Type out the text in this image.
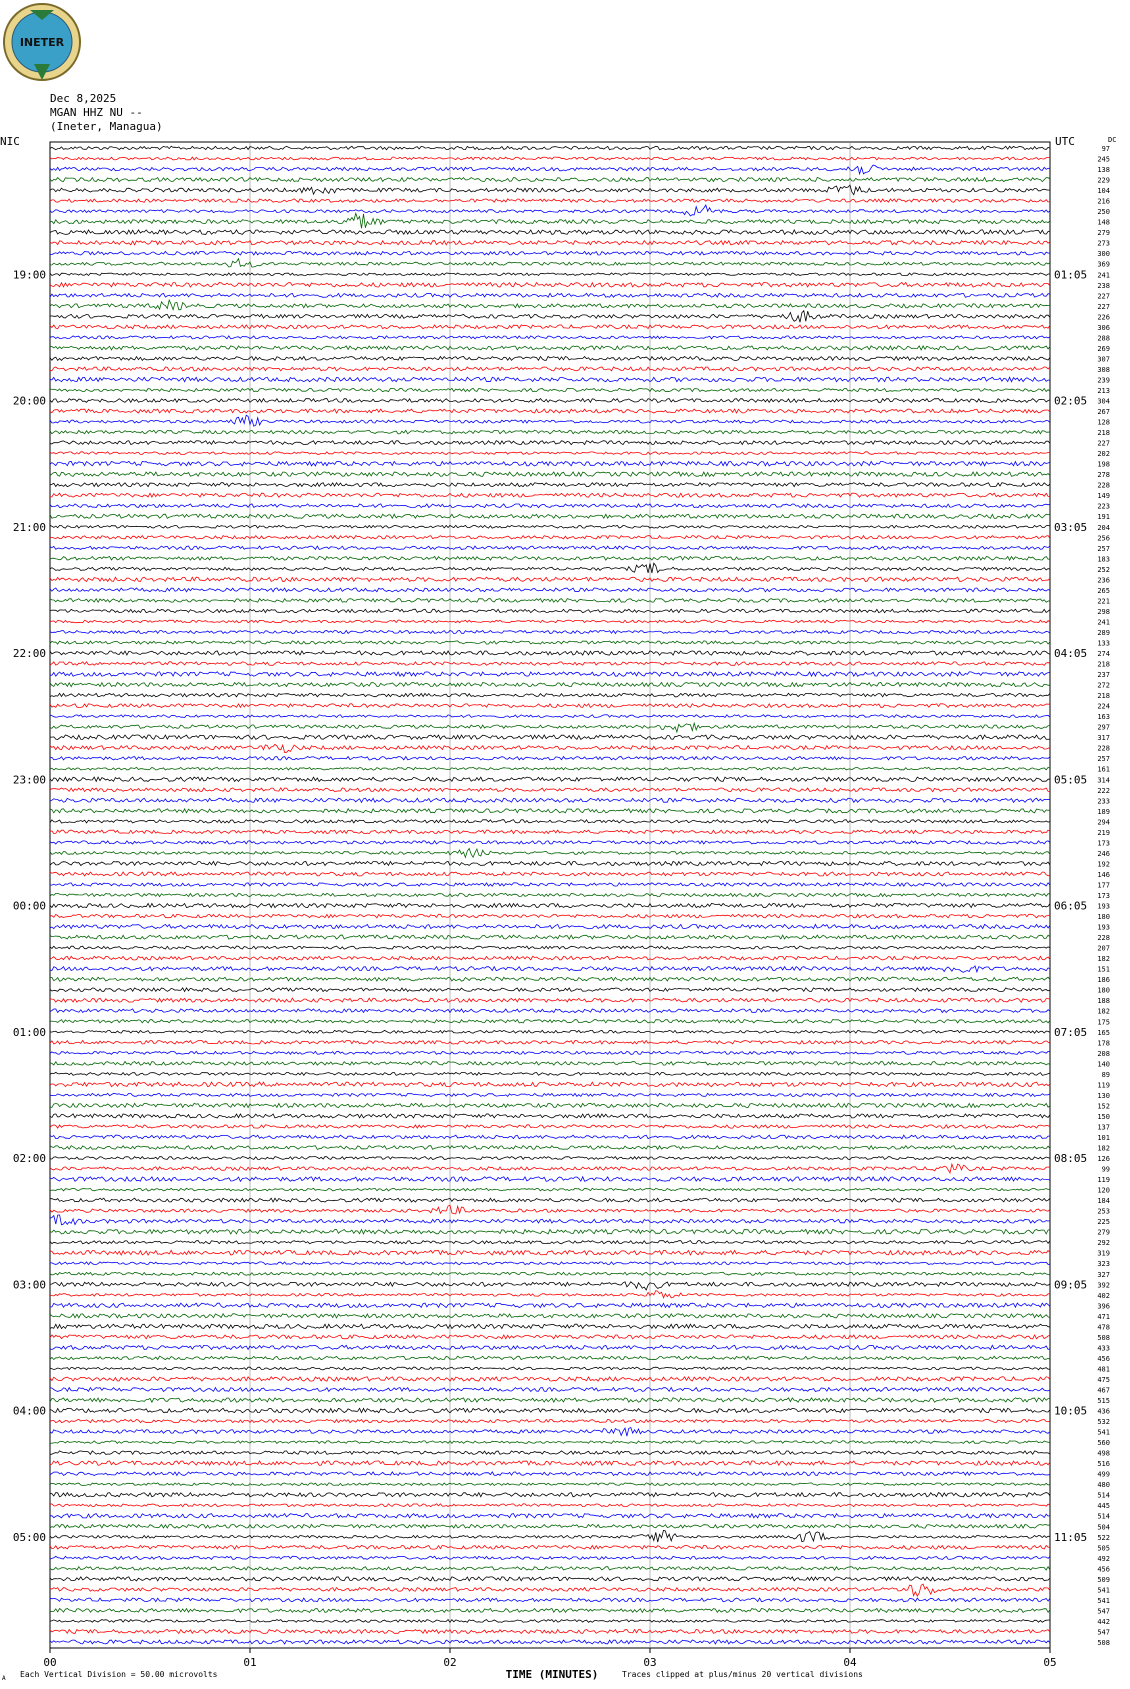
INETER
Dec 8,2025
MGAN HHZ NU --
(Ineter, Managua)
97
245
138
229
104
216
250
148
279
273
300
369
241
238
227
227
226
306
288
269
307
308
239
213
304
267
128
218
227
202
198
278
228
149
223
191
204
256
257
183
252
236
265
221
298
241
289
133
274
218
237
272
218
224
163
297
317
228
257
161
314
222
233
189
294
219
173
246
192
146
177
173
193
180
193
228
207
182
151
186
180
188
182
175
165
178
208
140
89
119
130
152
150
137
101
182
126
99
119
120
184
253
225
279
292
319
323
327
392
402
396
471
478
508
433
456
481
475
467
515
436
532
541
560
498
516
499
480
514
445
514
504
522
505
492
456
509
541
541
547
442
547
508
NIC	UTC	DC
19:00
20:00
21:00
22:00
23:00
00:00
01:00
02:00
03:00
04:00
05:00
01:05
02:05
03:05
04:05
05:05
06:05
07:05
08:05
09:05
10:05
11:05
00	01	02	03	04	05
TIME (MINUTES)
Each Vertical Division = 50.00 microvolts	Traces clipped at plus/minus 20 vertical divisions
A
